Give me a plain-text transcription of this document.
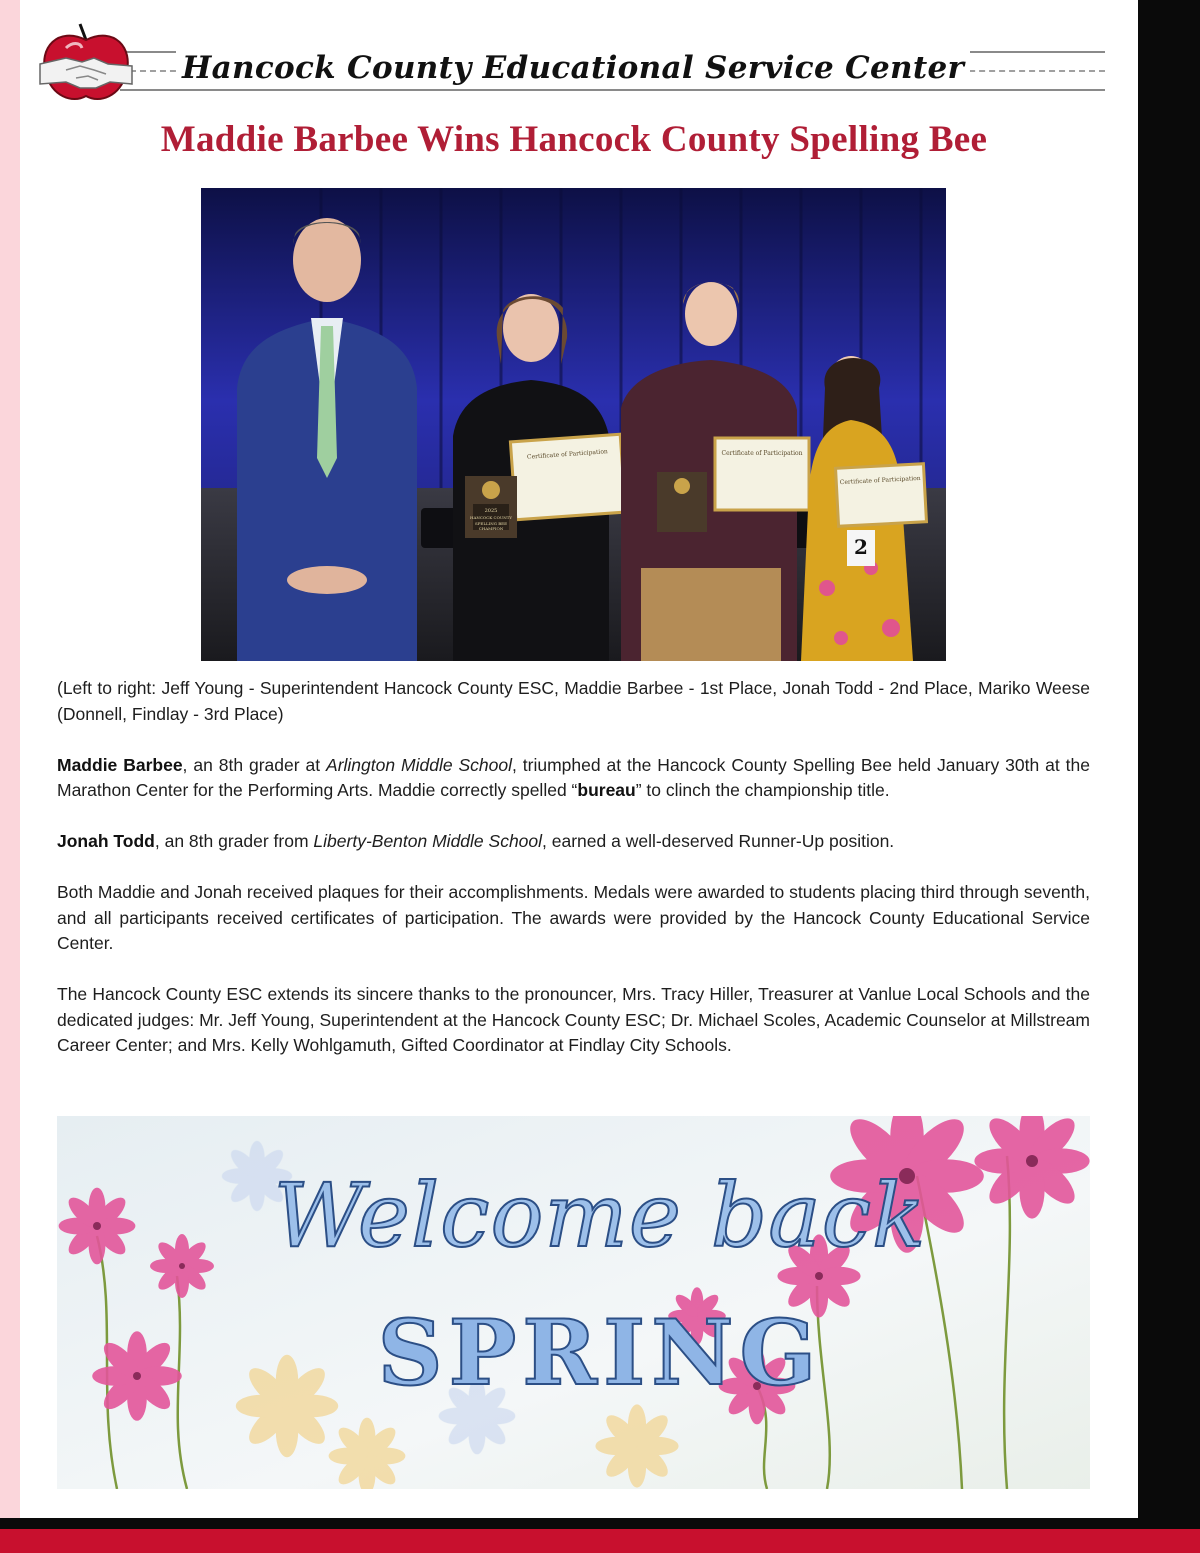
Hancock County Educational Service Center
Maddie Barbee Wins Hancock County Spelling Bee
2025
HANCOCK COUNTY
SPELLING BEE
CHAMPION
Certificate of Participation	Certificate of Participation
Certificate of Participation
2

(Left to right: Jeff Young - Superintendent Hancock County ESC, Maddie Barbee - 1st Place, Jonah Todd - 2nd Place, Mariko Weese (Donnell, Findlay - 3rd Place)

Maddie Barbee, an 8th grader at Arlington Middle School, triumphed at the Hancock County Spelling Bee held January 30th at the Marathon Center for the Performing Arts. Maddie correctly spelled “bureau” to clinch the championship title.

Jonah Todd, an 8th grader from Liberty-Benton Middle School, earned a well-deserved Runner-Up position.

Both Maddie and Jonah received plaques for their accomplishments. Medals were awarded to students placing third through seventh, and all participants received certificates of participation. The awards were provided by the Hancock County Educational Service Center.

The Hancock County ESC extends its sincere thanks to the pronouncer, Mrs. Tracy Hiller, Treasurer at Vanlue Local Schools and the dedicated judges: Mr. Jeff Young, Superintendent at the Hancock County ESC; Dr. Michael Scoles, Academic Counselor at Millstream Career Center; and Mrs. Kelly Wohlgamuth, Gifted Coordinator at Findlay City Schools.

Welcome back
SPRING
